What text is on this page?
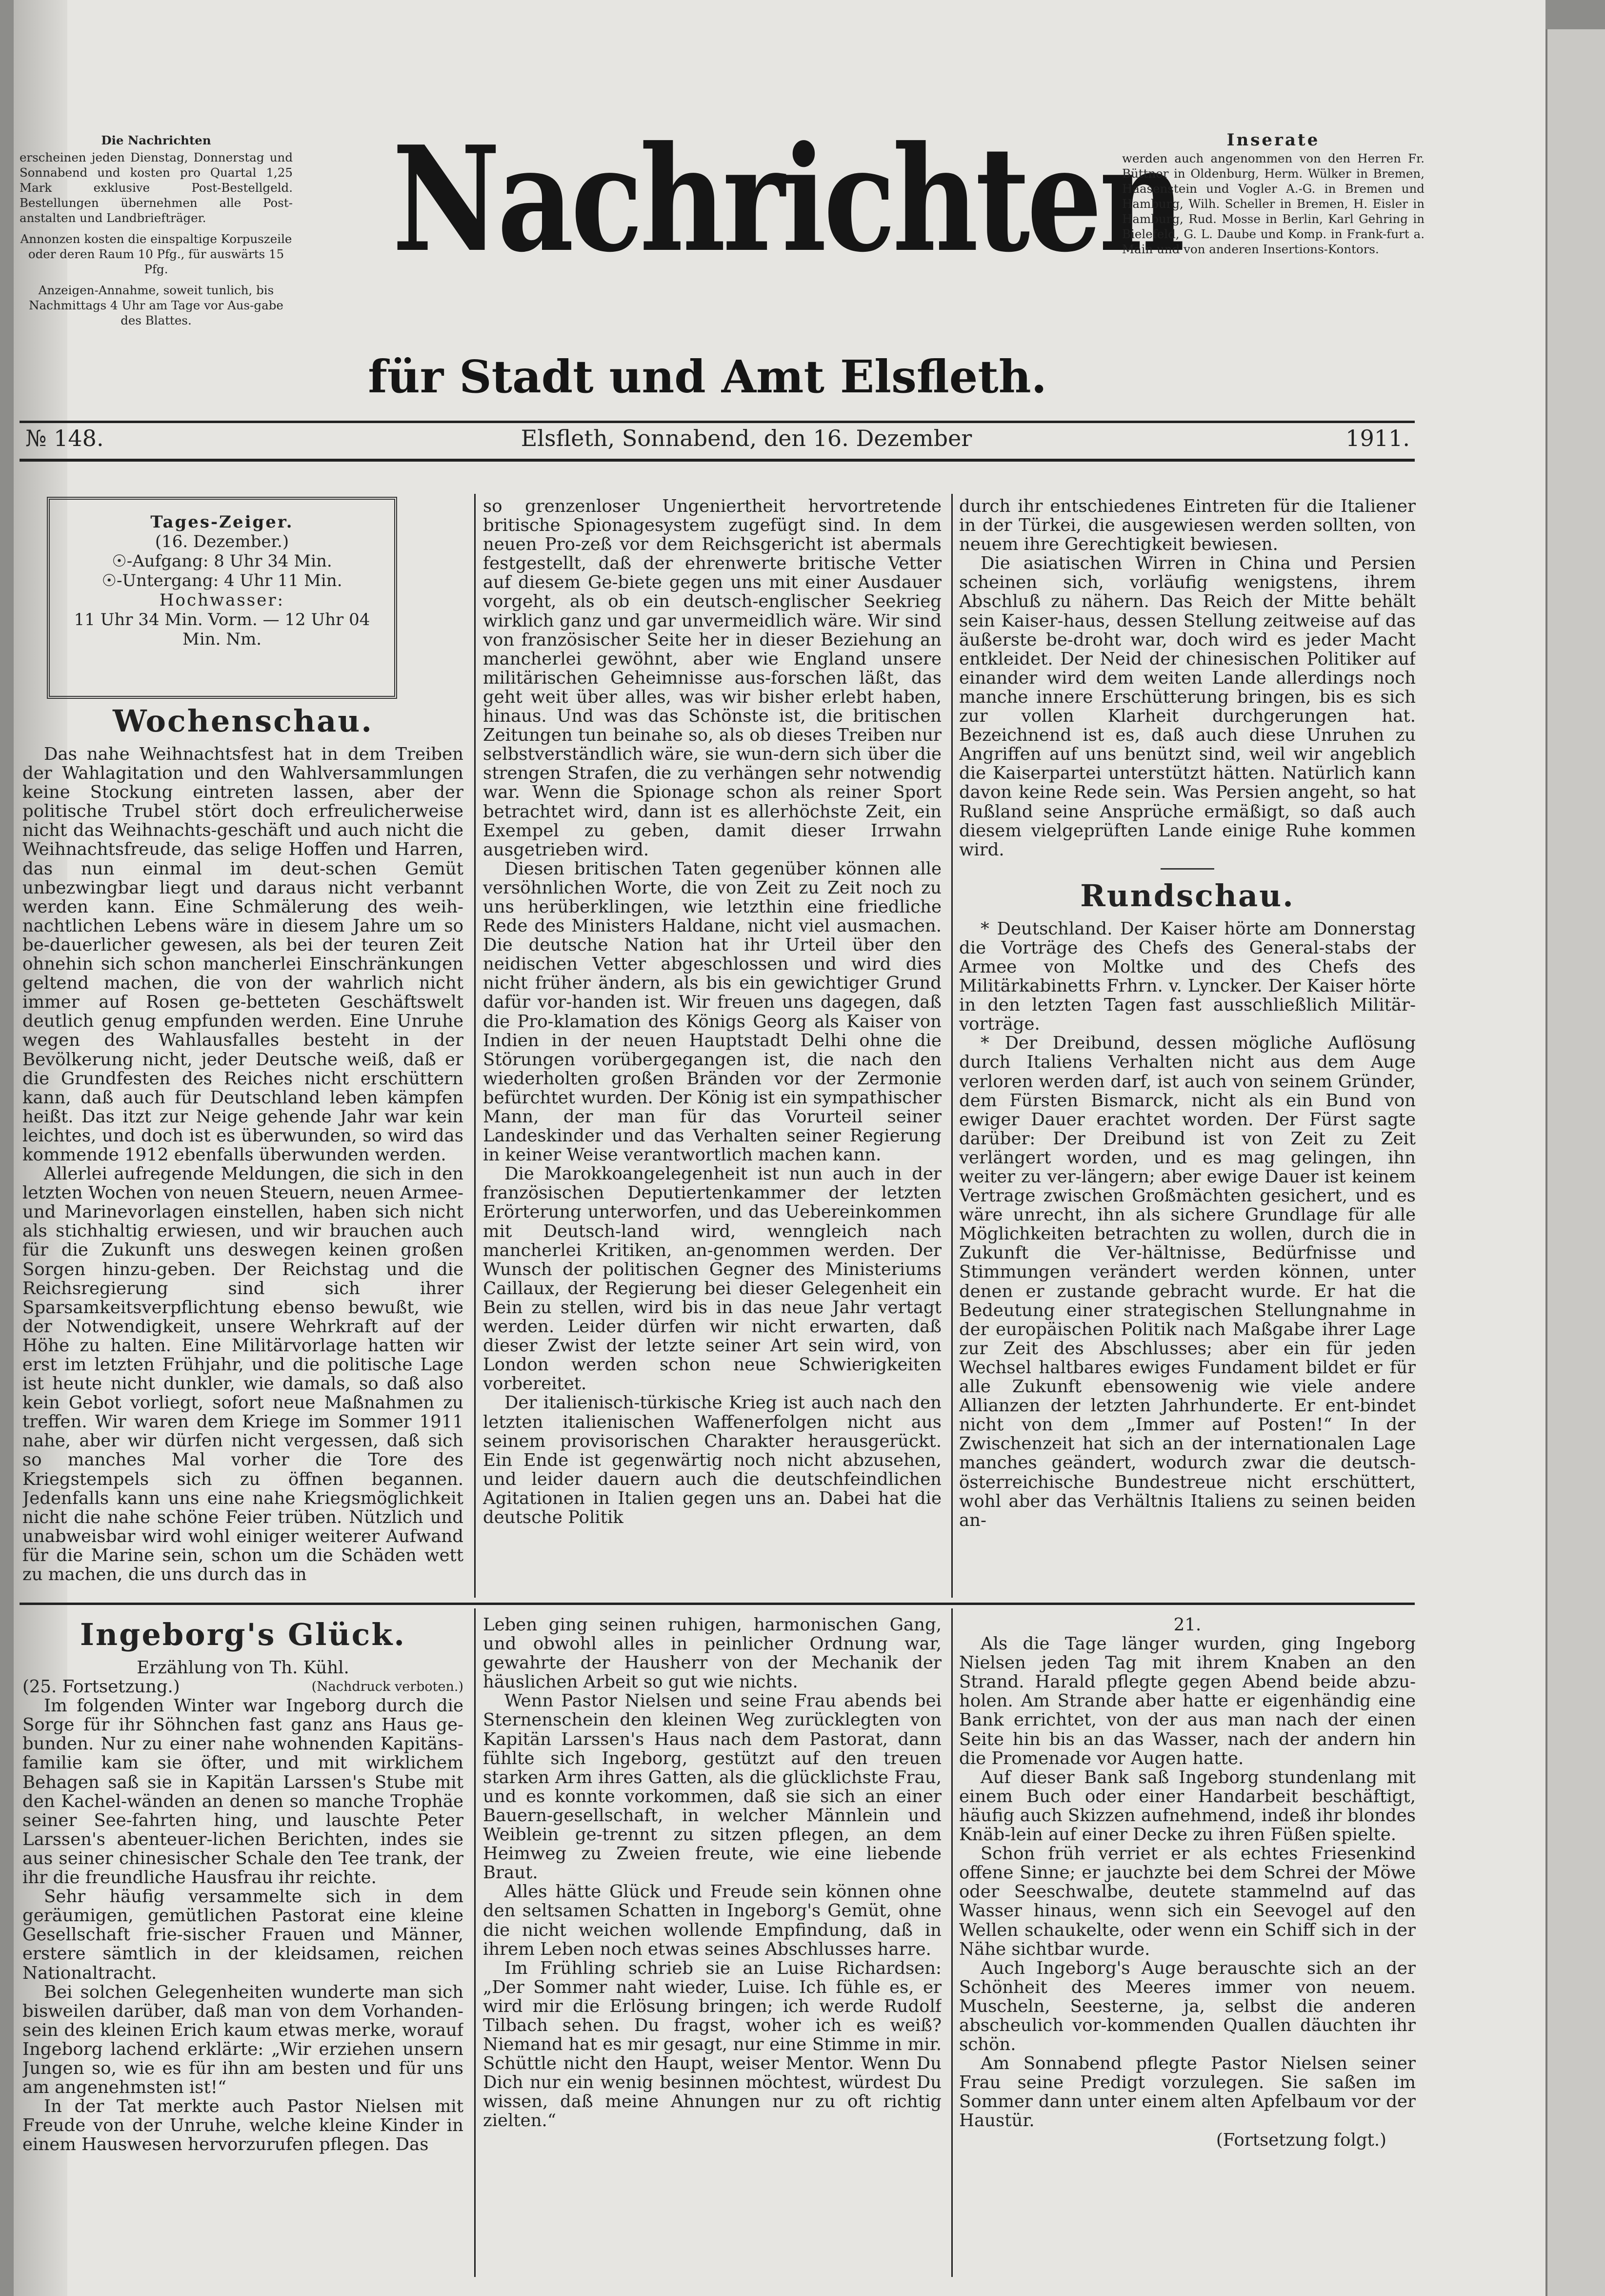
Die Nachrichten

erscheinen jeden Dienstag, Donnerstag und Sonnabend und kosten pro Quartal 1,25 Mark exklusive Post-Bestellgeld. Bestellungen übernehmen alle Post-anstalten und Landbriefträger.

Annonzen kosten die einspaltige Korpuszeile oder deren Raum 10 Pfg., für auswärts 15 Pfg.

Anzeigen-Annahme, soweit tunlich, bis Nachmittags 4 Uhr am Tage vor Aus-gabe des Blattes.

Nachrichten
für Stadt und Amt Elsfleth.

Inserate

werden auch angenommen von den Herren Fr. Büttner in Oldenburg, Herm. Wülker in Bremen, Haasenstein und Vogler A.-G. in Bremen und Hamburg, Wilh. Scheller in Bremen, H. Eisler in Hamburg, Rud. Mosse in Berlin, Karl Gehring in Bielefeld, G. L. Daube und Komp. in Frank-furt a. Main und von anderen Insertions-Kontors.

№ 148.	Elsfleth, Sonnabend, den 16. Dezember	1911.
Tages-Zeiger.
(16. Dezember.)
☉-Aufgang: 8 Uhr 34 Min.
☉-Untergang: 4 Uhr 11 Min.
Hochwasser:
11 Uhr 34 Min. Vorm. — 12 Uhr 04 Min. Nm.
Wochenschau.

Das nahe Weihnachtsfest hat in dem Treiben der Wahlagitation und den Wahlversammlungen keine Stockung eintreten lassen, aber der politische Trubel stört doch erfreulicherweise nicht das Weihnachts-geschäft und auch nicht die Weihnachtsfreude, das selige Hoffen und Harren, das nun einmal im deut-schen Gemüt unbezwingbar liegt und daraus nicht verbannt werden kann. Eine Schmälerung des weih-nachtlichen Lebens wäre in diesem Jahre um so be-dauerlicher gewesen, als bei der teuren Zeit ohnehin sich schon mancherlei Einschränkungen geltend machen, die von der wahrlich nicht immer auf Rosen ge-betteten Geschäftswelt deutlich genug empfunden werden. Eine Unruhe wegen des Wahlausfalles besteht in der Bevölkerung nicht, jeder Deutsche weiß, daß er die Grundfesten des Reiches nicht erschüttern kann, daß auch für Deutschland leben kämpfen heißt. Das itzt zur Neige gehende Jahr war kein leichtes, und doch ist es überwunden, so wird das kommende 1912 ebenfalls überwunden werden.

Allerlei aufregende Meldungen, die sich in den letzten Wochen von neuen Steuern, neuen Armee- und Marinevorlagen einstellen, haben sich nicht als stichhaltig erwiesen, und wir brauchen auch für die Zukunft uns deswegen keinen großen Sorgen hinzu-geben. Der Reichstag und die Reichsregierung sind sich ihrer Sparsamkeitsverpflichtung ebenso bewußt, wie der Notwendigkeit, unsere Wehrkraft auf der Höhe zu halten. Eine Militärvorlage hatten wir erst im letzten Frühjahr, und die politische Lage ist heute nicht dunkler, wie damals, so daß also kein Gebot vorliegt, sofort neue Maßnahmen zu treffen. Wir waren dem Kriege im Sommer 1911 nahe, aber wir dürfen nicht vergessen, daß sich so manches Mal vorher die Tore des Kriegstempels sich zu öffnen begannen. Jedenfalls kann uns eine nahe Kriegsmöglichkeit nicht die nahe schöne Feier trüben. Nützlich und unabweisbar wird wohl einiger weiterer Aufwand für die Marine sein, schon um die Schäden wett zu machen, die uns durch das in

so grenzenloser Ungeniertheit hervortretende britische Spionagesystem zugefügt sind. In dem neuen Pro-zeß vor dem Reichsgericht ist abermals festgestellt, daß der ehrenwerte britische Vetter auf diesem Ge-biete gegen uns mit einer Ausdauer vorgeht, als ob ein deutsch-englischer Seekrieg wirklich ganz und gar unvermeidlich wäre. Wir sind von französischer Seite her in dieser Beziehung an mancherlei gewöhnt, aber wie England unsere militärischen Geheimnisse aus-forschen läßt, das geht weit über alles, was wir bisher erlebt haben, hinaus. Und was das Schönste ist, die britischen Zeitungen tun beinahe so, als ob dieses Treiben nur selbstverständlich wäre, sie wun-dern sich über die strengen Strafen, die zu verhängen sehr notwendig war. Wenn die Spionage schon als reiner Sport betrachtet wird, dann ist es allerhöchste Zeit, ein Exempel zu geben, damit dieser Irrwahn ausgetrieben wird.

Diesen britischen Taten gegenüber können alle versöhnlichen Worte, die von Zeit zu Zeit noch zu uns herüberklingen, wie letzthin eine friedliche Rede des Ministers Haldane, nicht viel ausmachen. Die deutsche Nation hat ihr Urteil über den neidischen Vetter abgeschlossen und wird dies nicht früher ändern, als bis ein gewichtiger Grund dafür vor-handen ist. Wir freuen uns dagegen, daß die Pro-klamation des Königs Georg als Kaiser von Indien in der neuen Hauptstadt Delhi ohne die Störungen vorübergegangen ist, die nach den wiederholten großen Bränden vor der Zermonie befürchtet wurden. Der König ist ein sympathischer Mann, der man für das Vorurteil seiner Landeskinder und das Verhalten seiner Regierung in keiner Weise verantwortlich machen kann.

Die Marokkoangelegenheit ist nun auch in der französischen Deputiertenkammer der letzten Erörterung unterworfen, und das Uebereinkommen mit Deutsch-land wird, wenngleich nach mancherlei Kritiken, an-genommen werden. Der Wunsch der politischen Gegner des Ministeriums Caillaux, der Regierung bei dieser Gelegenheit ein Bein zu stellen, wird bis in das neue Jahr vertagt werden. Leider dürfen wir nicht erwarten, daß dieser Zwist der letzte seiner Art sein wird, von London werden schon neue Schwierigkeiten vorbereitet.

Der italienisch-türkische Krieg ist auch nach den letzten italienischen Waffenerfolgen nicht aus seinem provisorischen Charakter herausgerückt. Ein Ende ist gegenwärtig noch nicht abzusehen, und leider dauern auch die deutschfeindlichen Agitationen in Italien gegen uns an. Dabei hat die deutsche Politik

durch ihr entschiedenes Eintreten für die Italiener in der Türkei, die ausgewiesen werden sollten, von neuem ihre Gerechtigkeit bewiesen.

Die asiatischen Wirren in China und Persien scheinen sich, vorläufig wenigstens, ihrem Abschluß zu nähern. Das Reich der Mitte behält sein Kaiser-haus, dessen Stellung zeitweise auf das äußerste be-droht war, doch wird es jeder Macht entkleidet. Der Neid der chinesischen Politiker auf einander wird dem weiten Lande allerdings noch manche innere Erschütterung bringen, bis es sich zur vollen Klarheit durchgerungen hat. Bezeichnend ist es, daß auch diese Unruhen zu Angriffen auf uns benützt sind, weil wir angeblich die Kaiserpartei unterstützt hätten. Natürlich kann davon keine Rede sein. Was Persien angeht, so hat Rußland seine Ansprüche ermäßigt, so daß auch diesem vielgeprüften Lande einige Ruhe kommen wird.

Rundschau.

* Deutschland. Der Kaiser hörte am Donnerstag die Vorträge des Chefs des General-stabs der Armee von Moltke und des Chefs des Militärkabinetts Frhrn. v. Lyncker. Der Kaiser hörte in den letzten Tagen fast ausschließlich Militär-vorträge.

* Der Dreibund, dessen mögliche Auflösung durch Italiens Verhalten nicht aus dem Auge verloren werden darf, ist auch von seinem Gründer, dem Fürsten Bismarck, nicht als ein Bund von ewiger Dauer erachtet worden. Der Fürst sagte darüber: Der Dreibund ist von Zeit zu Zeit verlängert worden, und es mag gelingen, ihn weiter zu ver-längern; aber ewige Dauer ist keinem Vertrage zwischen Großmächten gesichert, und es wäre unrecht, ihn als sichere Grundlage für alle Möglichkeiten betrachten zu wollen, durch die in Zukunft die Ver-hältnisse, Bedürfnisse und Stimmungen verändert werden können, unter denen er zustande gebracht wurde. Er hat die Bedeutung einer strategischen Stellungnahme in der europäischen Politik nach Maßgabe ihrer Lage zur Zeit des Abschlusses; aber ein für jeden Wechsel haltbares ewiges Fundament bildet er für alle Zukunft ebensowenig wie viele andere Allianzen der letzten Jahrhunderte. Er ent-bindet nicht von dem „Immer auf Posten!“ In der Zwischenzeit hat sich an der internationalen Lage manches geändert, wodurch zwar die deutsch-österreichische Bundestreue nicht erschüttert, wohl aber das Verhältnis Italiens zu seinen beiden an-

Ingeborg's Glück.
Erzählung von Th. Kühl.
(25. Fortsetzung.)	(Nachdruck verboten.)

Im folgenden Winter war Ingeborg durch die Sorge für ihr Söhnchen fast ganz ans Haus ge-bunden. Nur zu einer nahe wohnenden Kapitäns-familie kam sie öfter, und mit wirklichem Behagen saß sie in Kapitän Larssen's Stube mit den Kachel-wänden an denen so manche Trophäe seiner See-fahrten hing, und lauschte Peter Larssen's abenteuer-lichen Berichten, indes sie aus seiner chinesischer Schale den Tee trank, der ihr die freundliche Hausfrau ihr reichte.

Sehr häufig versammelte sich in dem geräumigen, gemütlichen Pastorat eine kleine Gesellschaft frie-sischer Frauen und Männer, erstere sämtlich in der kleidsamen, reichen Nationaltracht.

Bei solchen Gelegenheiten wunderte man sich bisweilen darüber, daß man von dem Vorhanden-sein des kleinen Erich kaum etwas merke, worauf Ingeborg lachend erklärte: „Wir erziehen unsern Jungen so, wie es für ihn am besten und für uns am angenehmsten ist!“

In der Tat merkte auch Pastor Nielsen mit Freude von der Unruhe, welche kleine Kinder in einem Hauswesen hervorzurufen pflegen. Das

Leben ging seinen ruhigen, harmonischen Gang, und obwohl alles in peinlicher Ordnung war, gewahrte der Hausherr von der Mechanik der häuslichen Arbeit so gut wie nichts.

Wenn Pastor Nielsen und seine Frau abends bei Sternenschein den kleinen Weg zurücklegten von Kapitän Larssen's Haus nach dem Pastorat, dann fühlte sich Ingeborg, gestützt auf den treuen starken Arm ihres Gatten, als die glücklichste Frau, und es konnte vorkommen, daß sie sich an einer Bauern-gesellschaft, in welcher Männlein und Weiblein ge-trennt zu sitzen pflegen, an dem Heimweg zu Zweien freute, wie eine liebende Braut.

Alles hätte Glück und Freude sein können ohne den seltsamen Schatten in Ingeborg's Gemüt, ohne die nicht weichen wollende Empfindung, daß in ihrem Leben noch etwas seines Abschlusses harre.

Im Frühling schrieb sie an Luise Richardsen: „Der Sommer naht wieder, Luise. Ich fühle es, er wird mir die Erlösung bringen; ich werde Rudolf Tilbach sehen. Du fragst, woher ich es weiß? Niemand hat es mir gesagt, nur eine Stimme in mir. Schüttle nicht den Haupt, weiser Mentor. Wenn Du Dich nur ein wenig besinnen möchtest, würdest Du wissen, daß meine Ahnungen nur zu oft richtig zielten.“

21.

Als die Tage länger wurden, ging Ingeborg Nielsen jeden Tag mit ihrem Knaben an den Strand. Harald pflegte gegen Abend beide abzu-holen. Am Strande aber hatte er eigenhändig eine Bank errichtet, von der aus man nach der einen Seite hin bis an das Wasser, nach der andern hin die Promenade vor Augen hatte.

Auf dieser Bank saß Ingeborg stundenlang mit einem Buch oder einer Handarbeit beschäftigt, häufig auch Skizzen aufnehmend, indeß ihr blondes Knäb-lein auf einer Decke zu ihren Füßen spielte.

Schon früh verriet er als echtes Friesenkind offene Sinne; er jauchzte bei dem Schrei der Möwe oder Seeschwalbe, deutete stammelnd auf das Wasser hinaus, wenn sich ein Seevogel auf den Wellen schaukelte, oder wenn ein Schiff sich in der Nähe sichtbar wurde.

Auch Ingeborg's Auge berauschte sich an der Schönheit des Meeres immer von neuem. Muscheln, Seesterne, ja, selbst die anderen abscheulich vor-kommenden Quallen däuchten ihr schön.

Am Sonnabend pflegte Pastor Nielsen seiner Frau seine Predigt vorzulegen. Sie saßen im Sommer dann unter einem alten Apfelbaum vor der Haustür.

(Fortsetzung folgt.)
